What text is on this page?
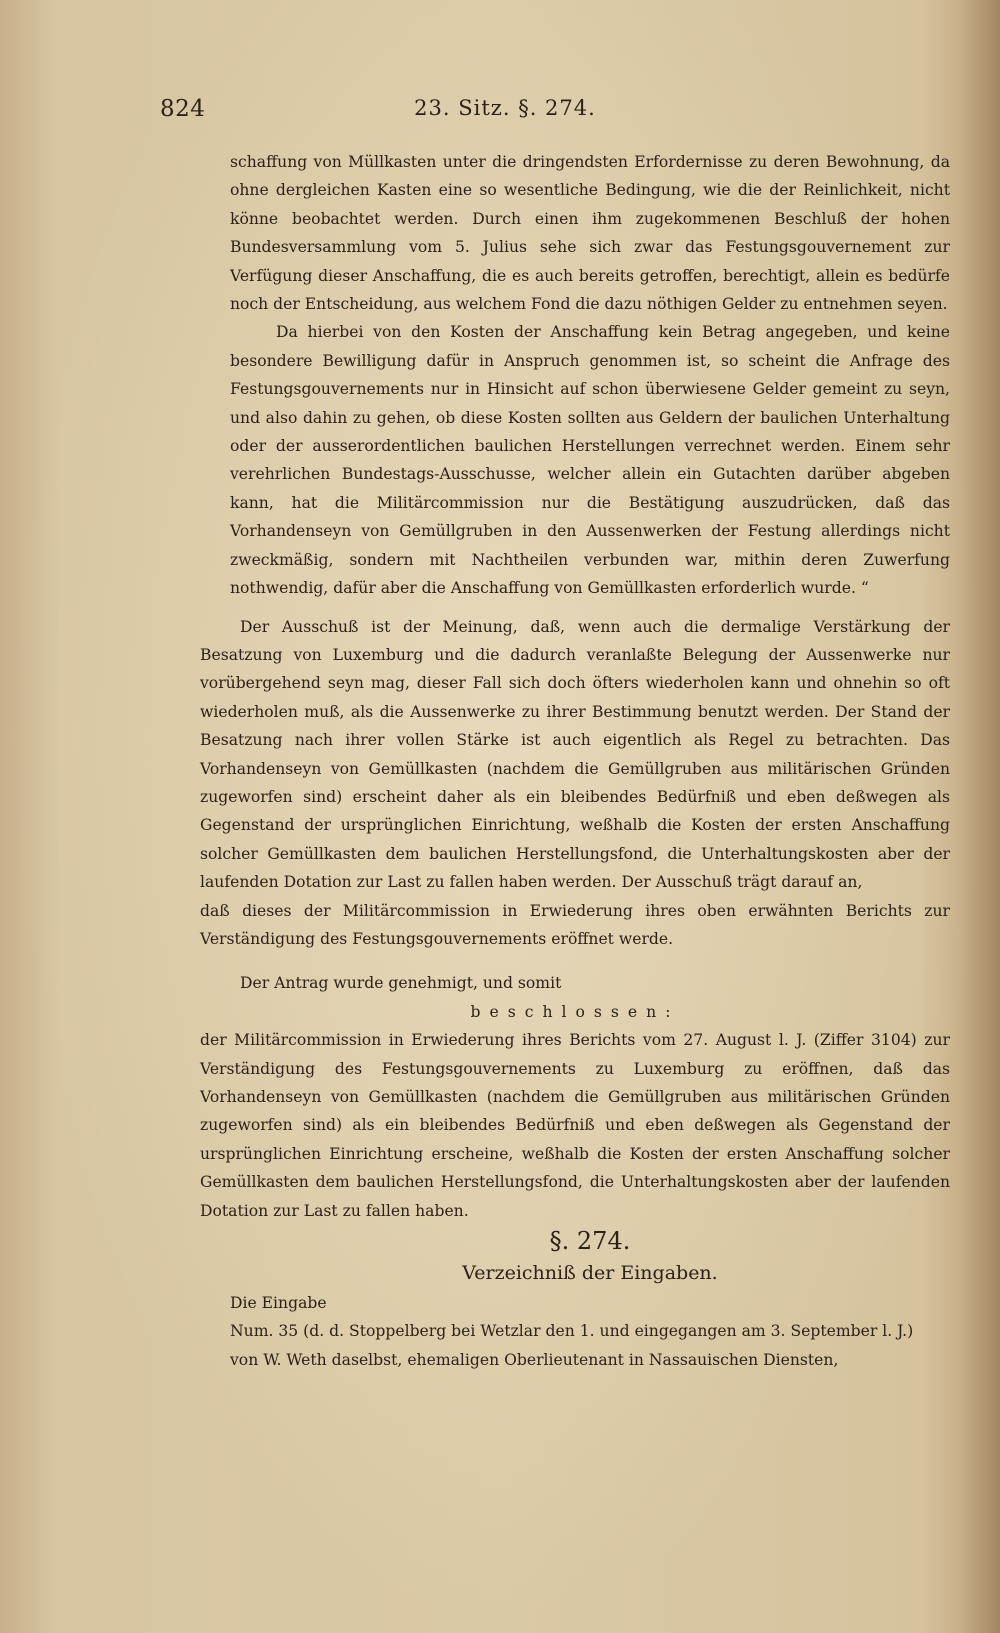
824	23. Sitz. §. 274.

schaffung von Müllkasten unter die dringendsten Erfordernisse zu deren Bewohnung, da ohne dergleichen Kasten eine so wesentliche Bedingung, wie die der Reinlichkeit, nicht könne beobachtet werden. Durch einen ihm zugekommenen Beschluß der hohen Bundesversammlung vom 5. Julius sehe sich zwar das Festungsgouvernement zur Verfügung dieser Anschaffung, die es auch bereits getroffen, berechtigt, allein es bedürfe noch der Entscheidung, aus welchem Fond die dazu nöthigen Gelder zu entnehmen seyen.

Da hierbei von den Kosten der Anschaffung kein Betrag angegeben, und keine besondere Bewilligung dafür in Anspruch genommen ist, so scheint die Anfrage des Festungsgouvernements nur in Hinsicht auf schon überwiesene Gelder gemeint zu seyn, und also dahin zu gehen, ob diese Kosten sollten aus Geldern der baulichen Unterhaltung oder der ausserordentlichen baulichen Herstellungen verrechnet werden. Einem sehr verehrlichen Bundestags-Ausschusse, welcher allein ein Gutachten darüber abgeben kann, hat die Militärcommission nur die Bestätigung auszudrücken, daß das Vorhandenseyn von Gemüllgruben in den Aussenwerken der Festung allerdings nicht zweckmäßig, sondern mit Nachtheilen verbunden war, mithin deren Zuwerfung nothwendig, dafür aber die Anschaffung von Gemüllkasten erforderlich wurde. “

Der Ausschuß ist der Meinung, daß, wenn auch die dermalige Verstärkung der Besatzung von Luxemburg und die dadurch veranlaßte Belegung der Aussenwerke nur vorübergehend seyn mag, dieser Fall sich doch öfters wiederholen kann und ohnehin so oft wiederholen muß, als die Aussenwerke zu ihrer Bestimmung benutzt werden. Der Stand der Besatzung nach ihrer vollen Stärke ist auch eigentlich als Regel zu betrachten. Das Vorhandenseyn von Gemüllkasten (nachdem die Gemüllgruben aus militärischen Gründen zugeworfen sind) erscheint daher als ein bleibendes Bedürfniß und eben deßwegen als Gegenstand der ursprünglichen Einrichtung, weßhalb die Kosten der ersten Anschaffung solcher Gemüllkasten dem baulichen Herstellungsfond, die Unterhaltungskosten aber der laufenden Dotation zur Last zu fallen haben werden. Der Ausschuß trägt darauf an,

daß dieses der Militärcommission in Erwiederung ihres oben erwähnten Berichts zur Verständigung des Festungsgouvernements eröffnet werde.

Der Antrag wurde genehmigt, und somit

beschlossen:

der Militärcommission in Erwiederung ihres Berichts vom 27. August l. J. (Ziffer 3104) zur Verständigung des Festungsgouvernements zu Luxemburg zu eröffnen, daß das Vorhandenseyn von Gemüllkasten (nachdem die Gemüllgruben aus militärischen Gründen zugeworfen sind) als ein bleibendes Bedürfniß und eben deßwegen als Gegenstand der ursprünglichen Einrichtung erscheine, weßhalb die Kosten der ersten Anschaffung solcher Gemüllkasten dem baulichen Herstellungsfond, die Unterhaltungskosten aber der laufenden Dotation zur Last zu fallen haben.

§. 274.

Verzeichniß der Eingaben.

Die Eingabe

Num. 35 (d. d. Stoppelberg bei Wetzlar den 1. und eingegangen am 3. September l. J.)

von W. Weth daselbst, ehemaligen Oberlieutenant in Nassauischen Diensten,
